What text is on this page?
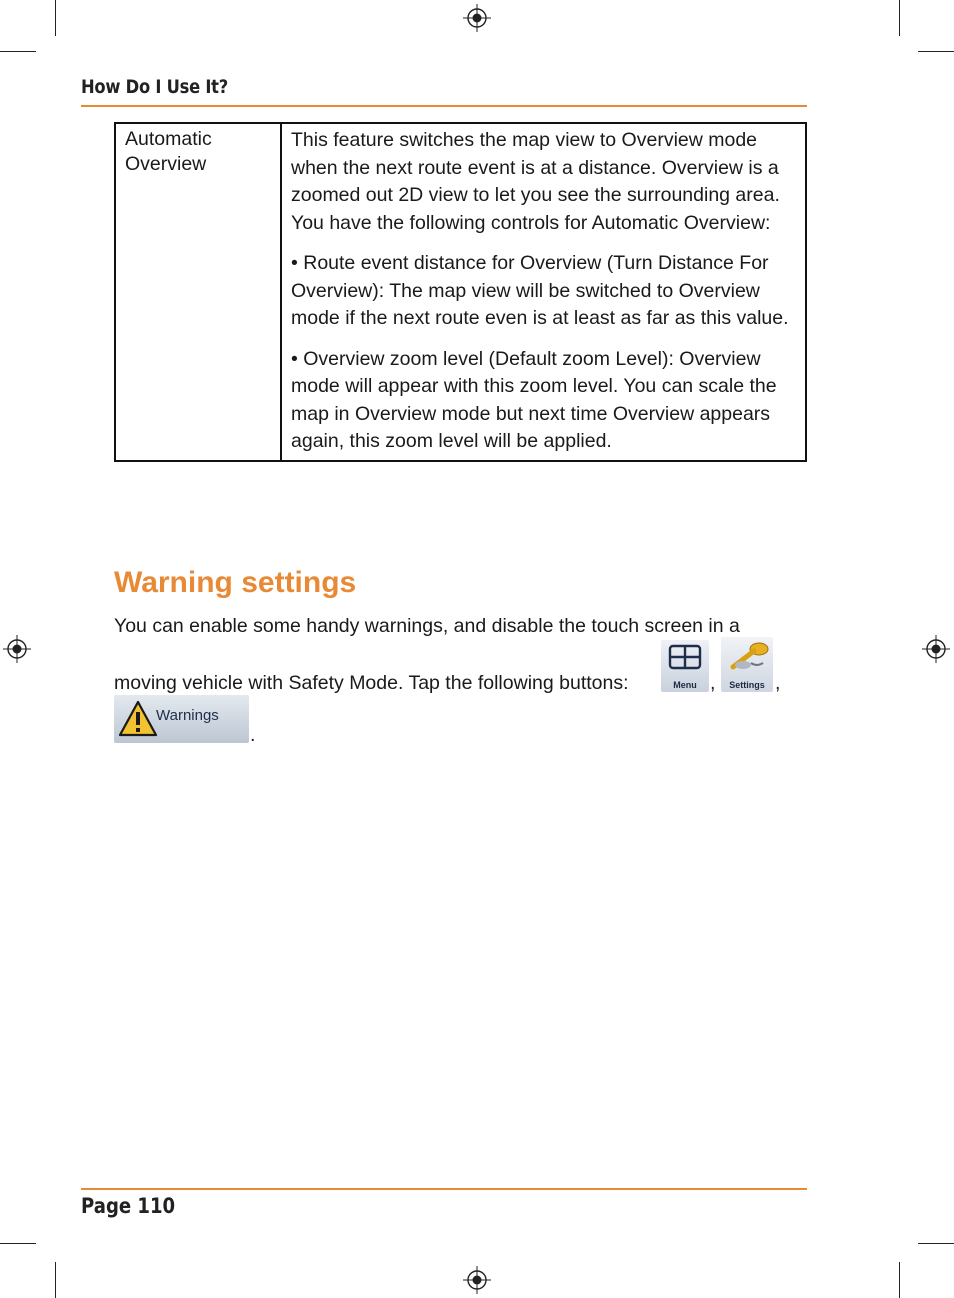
How Do I Use It?
Automatic Overview	

This feature switches the map view to Overview mode when the next route event is at a distance. Overview is a zoomed out 2D view to let you see the surrounding area. You have the following controls for Automatic Overview:

• Route event distance for Overview (Turn Distance For Overview): The map view will be switched to Overview mode if the next route even is at least as far as this value.

• Overview zoom level (Default zoom Level): Overview mode will appear with this zoom level. You can scale the map in Overview mode but next time Overview appears again, this zoom level will be applied.

Warning settings
You can enable some handy warnings, and disable the touch screen in a
moving vehicle with Safety Mode. Tap the following buttons:	Menu ,	Settings ,
Warnings
.
Page 110
